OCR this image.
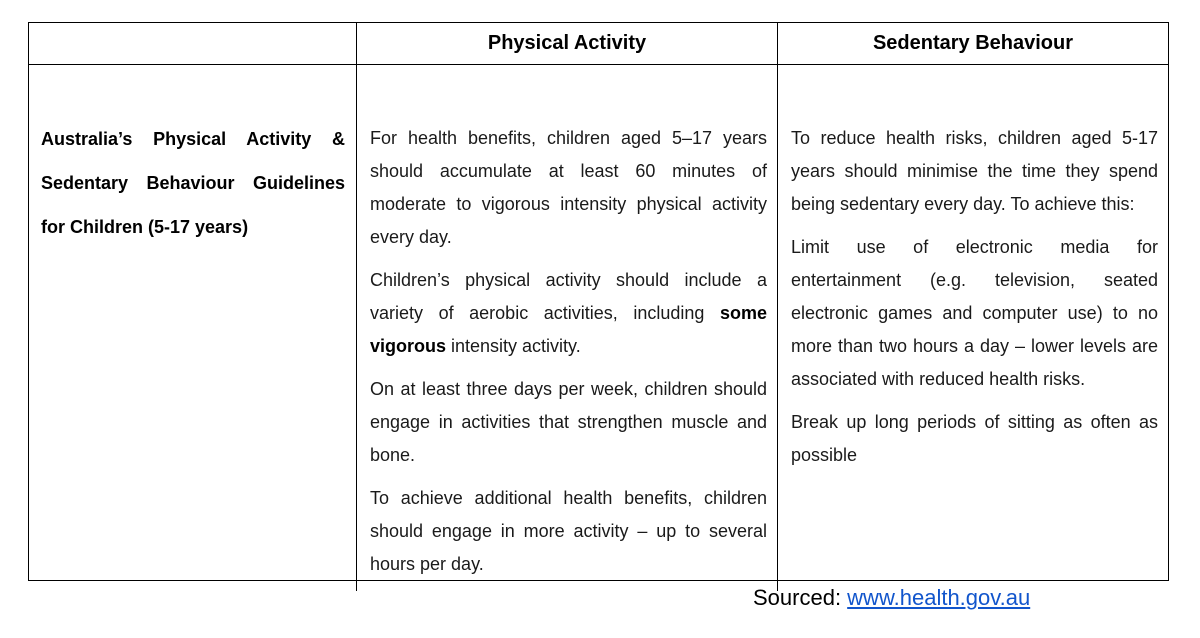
Physical Activity	Sedentary Behaviour
Australia’s Physical Activity & Sedentary Behaviour Guidelines for Children (5-17 years)

For health benefits, children aged 5–17 years should accumulate at least 60 minutes of moderate to vigorous intensity physical activity every day.

Children’s physical activity should include a variety of aerobic activities, including some vigorous intensity activity.

On at least three days per week, children should engage in activities that strengthen muscle and bone.

To achieve additional health benefits, children should engage in more activity – up to several hours per day.

To reduce health risks, children aged 5-17 years should minimise the time they spend being sedentary every day. To achieve this:

Limit use of electronic media for entertainment (e.g. television, seated electronic games and computer use) to no more than two hours a day – lower levels are associated with reduced health risks.

Break up long periods of sitting as often as possible

Sourced: www.health.gov.au
